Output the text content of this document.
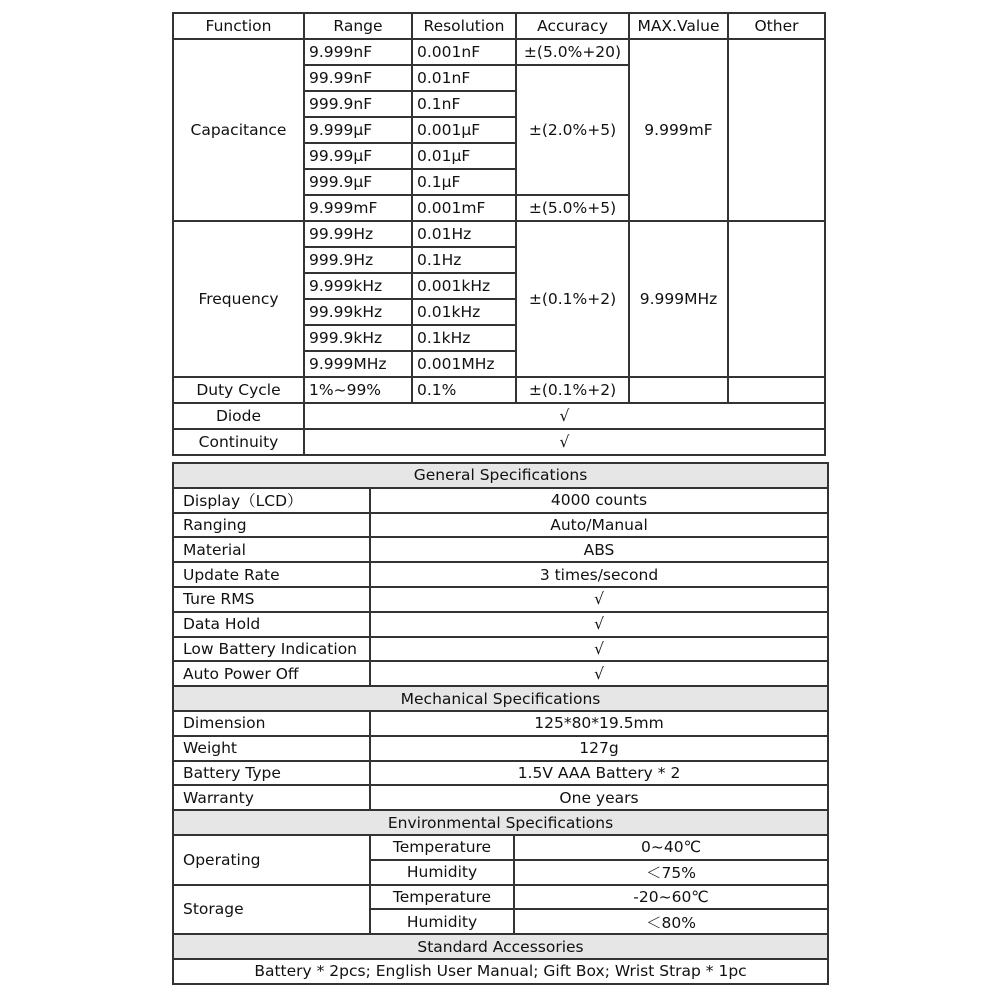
Function	Range	Resolution	Accuracy	MAX.Value	Other
Capacitance	9.999nF	0.001nF	±(5.0%+20)	9.999mF	
	99.99nF	0.01nF	±(2.0%+5)		
	999.9nF	0.1nF			
	9.999μF	0.001μF			
	99.99μF	0.01μF			
	999.9μF	0.1μF			
	9.999mF	0.001mF	±(5.0%+5)		
Frequency	99.99Hz	0.01Hz	±(0.1%+2)	9.999MHz	
	999.9Hz	0.1Hz			
	9.999kHz	0.001kHz			
	99.99kHz	0.01kHz			
	999.9kHz	0.1kHz			
	9.999MHz	0.001MHz			
Duty Cycle	1%~99%	0.1%	±(0.1%+2)		
Diode	√				
Continuity	√				
General Specifications		
Display（LCD）	4000 counts	
Ranging	Auto/Manual	
Material	ABS	
Update Rate	3 times/second	
Ture RMS	√	
Data Hold	√	
Low Battery Indication	√	
Auto Power Off	√	
Mechanical Specifications		
Dimension	125*80*19.5mm	
Weight	127g	
Battery Type	1.5V AAA Battery * 2	
Warranty	One years	
Environmental Specifications		
Operating	Temperature	0~40℃
	Humidity	＜75%
Storage	Temperature	-20~60℃
	Humidity	＜80%
Standard Accessories		
Battery * 2pcs; English User Manual; Gift Box; Wrist Strap * 1pc		
